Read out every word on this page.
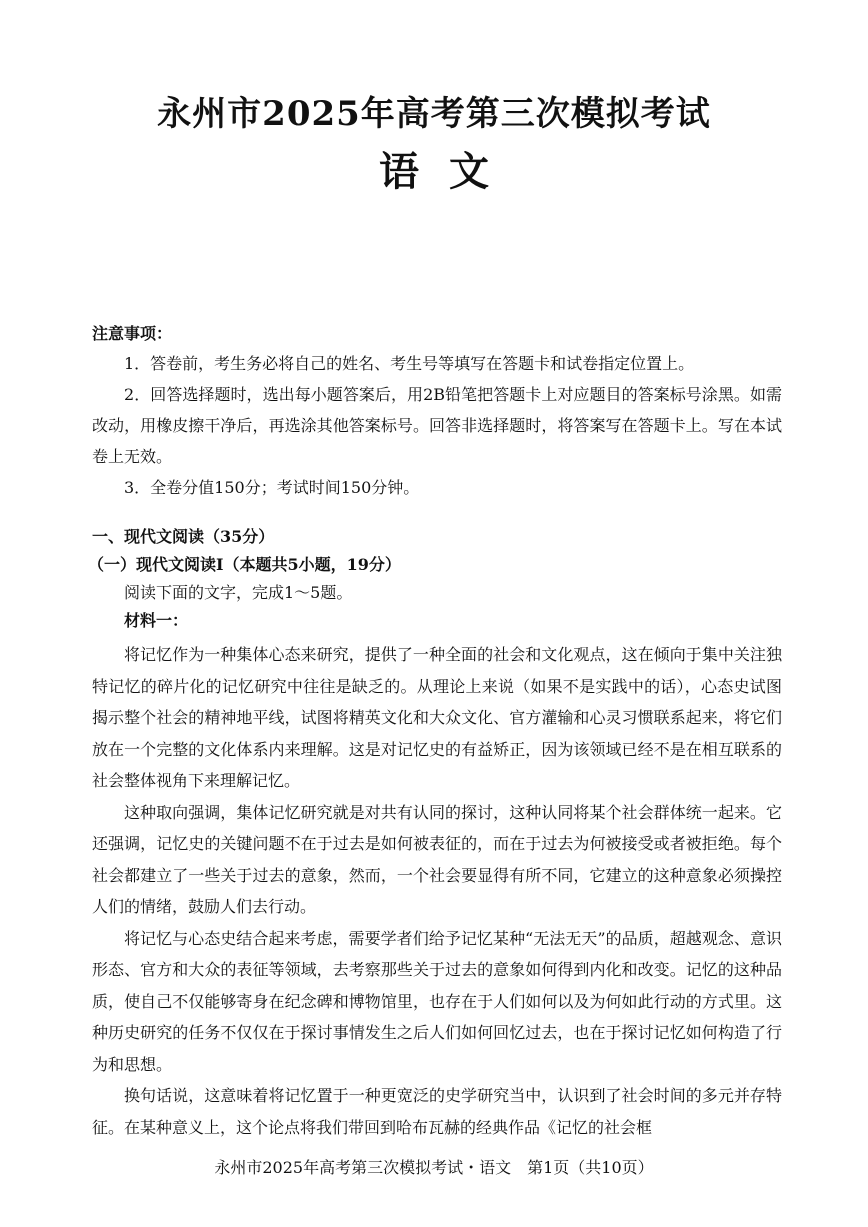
永州市2025年高考第三次模拟考试
语文
注意事项：

1．答卷前，考生务必将自己的姓名、考生号等填写在答题卡和试卷指定位置上。

2．回答选择题时，选出每小题答案后，用2B铅笔把答题卡上对应题目的答案标号涂黑。如需改动，用橡皮擦干净后，再选涂其他答案标号。回答非选择题时，将答案写在答题卡上。写在本试卷上无效。

3．全卷分值150分；考试时间150分钟。

一、现代文阅读（35分）
（一）现代文阅读Ⅰ（本题共5小题，19分）
阅读下面的文字，完成1～5题。
材料一：

将记忆作为一种集体心态来研究，提供了一种全面的社会和文化观点，这在倾向于集中关注独特记忆的碎片化的记忆研究中往往是缺乏的。从理论上来说（如果不是实践中的话），心态史试图揭示整个社会的精神地平线，试图将精英文化和大众文化、官方灌输和心灵习惯联系起来，将它们放在一个完整的文化体系内来理解。这是对记忆史的有益矫正，因为该领域已经不是在相互联系的社会整体视角下来理解记忆。

这种取向强调，集体记忆研究就是对共有认同的探讨，这种认同将某个社会群体统一起来。它还强调，记忆史的关键问题不在于过去是如何被表征的，而在于过去为何被接受或者被拒绝。每个社会都建立了一些关于过去的意象，然而，一个社会要显得有所不同，它建立的这种意象必须操控人们的情绪，鼓励人们去行动。

将记忆与心态史结合起来考虑，需要学者们给予记忆某种“无法无天”的品质，超越观念、意识形态、官方和大众的表征等领域，去考察那些关于过去的意象如何得到内化和改变。记忆的这种品质，使自己不仅能够寄身在纪念碑和博物馆里，也存在于人们如何以及为何如此行动的方式里。这种历史研究的任务不仅仅在于探讨事情发生之后人们如何回忆过去，也在于探讨记忆如何构造了行为和思想。

换句话说，这意味着将记忆置于一种更宽泛的史学研究当中，认识到了社会时间的多元并存特征。在某种意义上，这个论点将我们带回到哈布瓦赫的经典作品《记忆的社会框

永州市2025年高考第三次模拟考试・语文　第1页（共10页）
